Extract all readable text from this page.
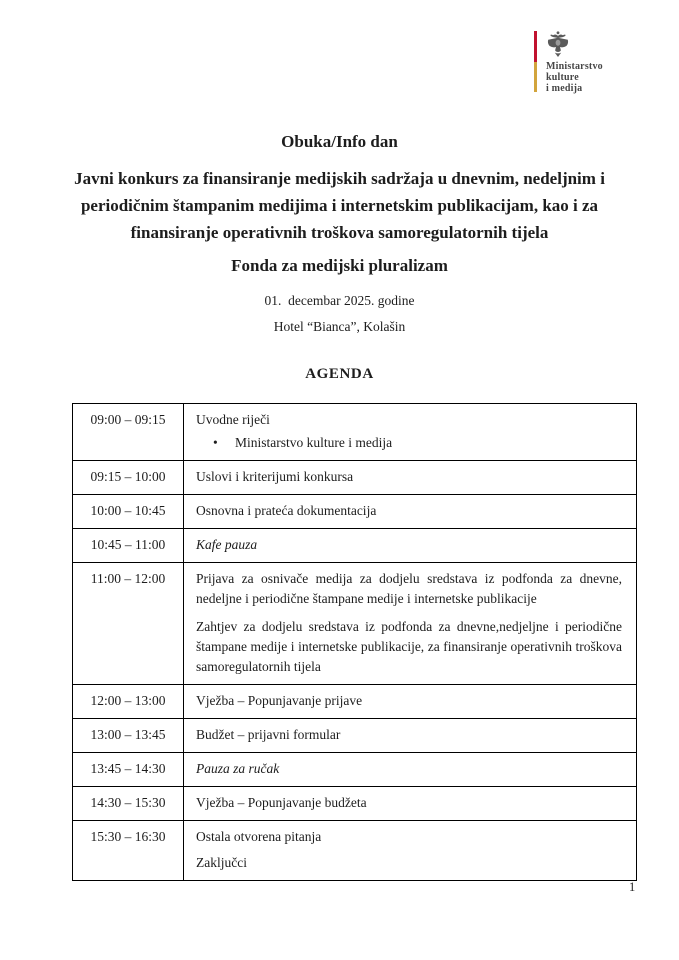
Ministarstvo
kulture
i medija

Obuka/Info dan

Javni konkurs za finansiranje medijskih sadržaja u dnevnim, nedeljnim i periodičnim štampanim medijima i internetskim publikacijam, kao i za finansiranje operativnih troškova samoregulatornih tijela

Fonda za medijski pluralizam

01.  decembar 2025. godine

Hotel “Bianca”, Kolašin

AGENDA

09:00 – 09:15	Uvodne riječi

• Ministarstvo kulture i medija

09:15 – 10:00	Uslovi i kriterijumi konkursa

10:00 – 10:45	Osnovna i prateća dokumentacija

10:45 – 11:00	Kafe pauza

11:00 – 12:00	Prijava za osnivače medija za dodjelu sredstava iz podfonda za dnevne, nedeljne i periodične štampane medije i internetske publikacije

Zahtjev za dodjelu sredstava iz podfonda za dnevne,nedjeljne i periodične štampane medije i internetske publikacije, za finansiranje operativnih troškova samoregulatornih tijela

12:00 – 13:00	Vježba – Popunjavanje prijave

13:00 – 13:45	Budžet – prijavni formular

13:45 – 14:30	Pauza za ručak

14:30 – 15:30	Vježba – Popunjavanje budžeta

15:30 – 16:30	Ostala otvorena pitanja

Zaključci

1
